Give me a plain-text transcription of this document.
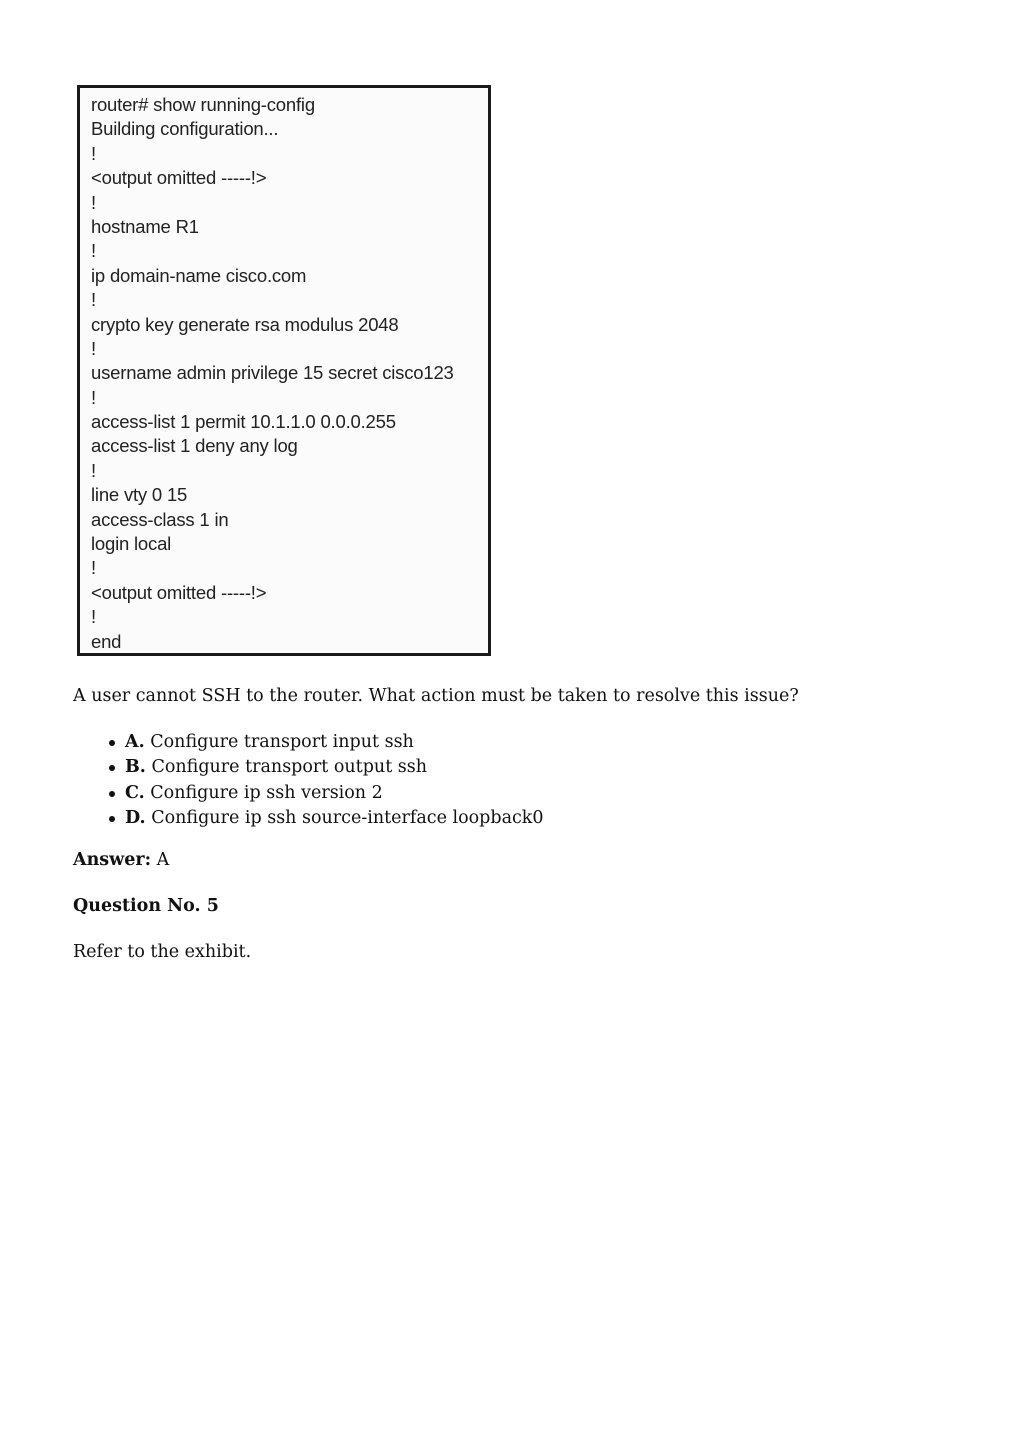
router# show running-config
Building configuration...
!
<output omitted -----!>
!
hostname R1
!
ip domain-name cisco.com
!
crypto key generate rsa modulus 2048
!
username admin privilege 15 secret cisco123
!
access-list 1 permit 10.1.1.0 0.0.0.255
access-list 1 deny any log
!
line vty 0 15
access-class 1 in
login local
!
<output omitted -----!>
!
end

A user cannot SSH to the router. What action must be taken to resolve this issue?

A. Configure transport input ssh
B. Configure transport output ssh
C. Configure ip ssh version 2
D. Configure ip ssh source-interface loopback0

Answer: A

Question No. 5

Refer to the exhibit.
